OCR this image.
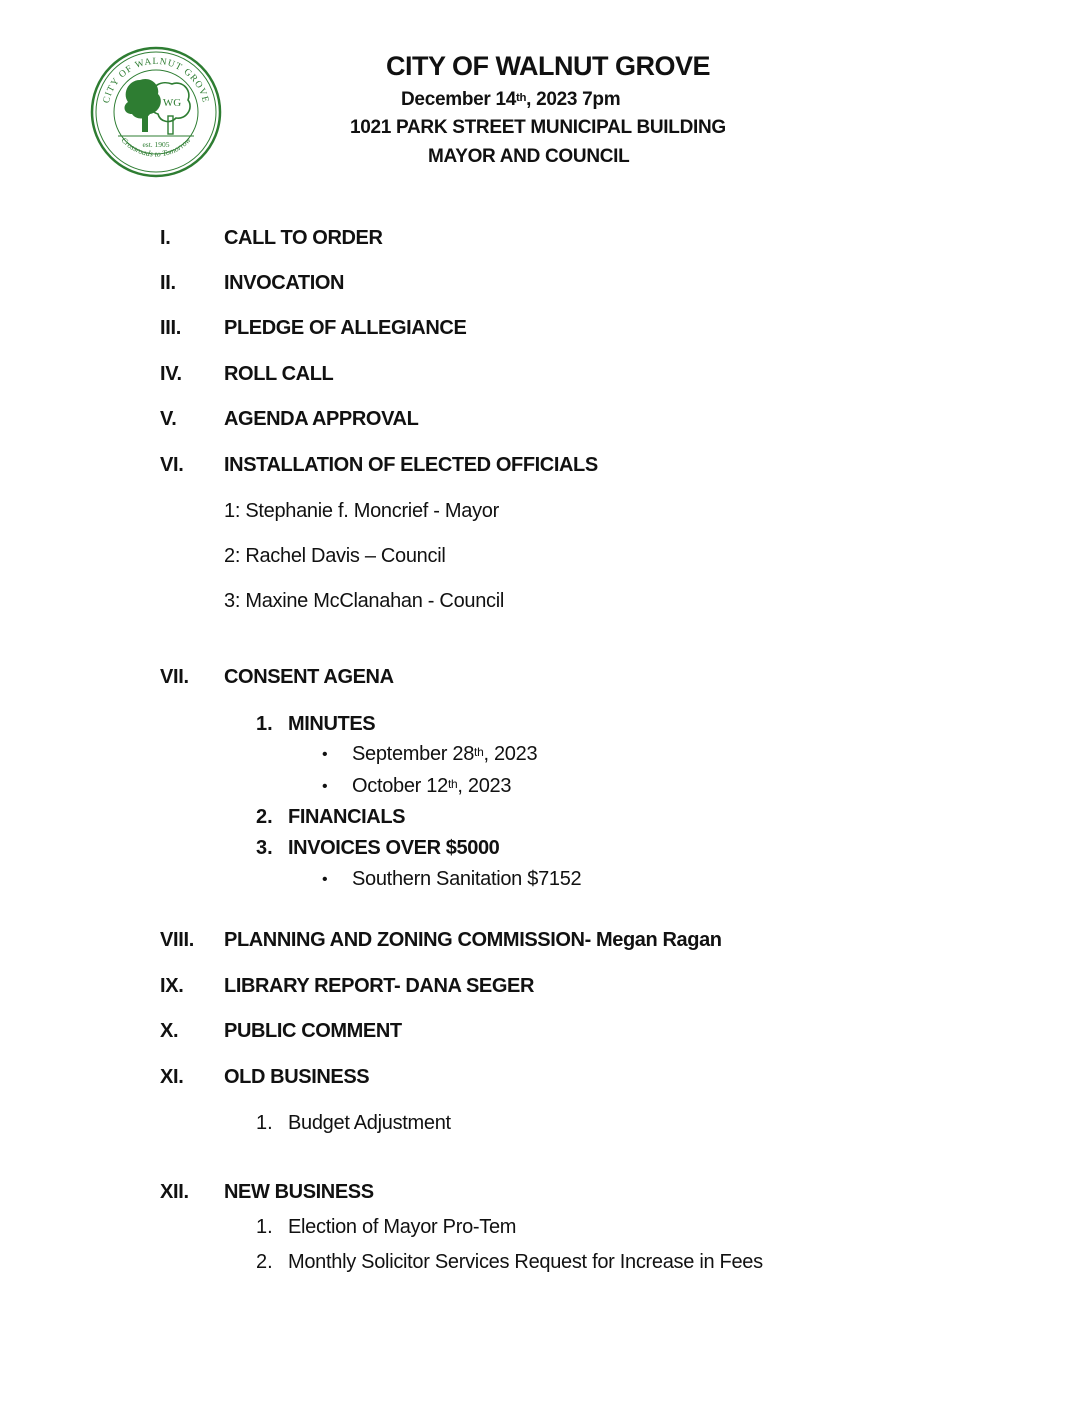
CITY OF WALNUT GROVE
Crossroads to Tomorrow
WG
est. 1905
CITY OF WALNUT GROVE
December 14th, 2023 7pm
1021 PARK STREET MUNICIPAL BUILDING
MAYOR AND COUNCIL
I.	CALL TO ORDER
II. INVOCATION
III. PLEDGE OF ALLEGIANCE
IV. ROLL CALL
V. AGENDA APPROVAL
VI. INSTALLATION OF ELECTED OFFICIALS
1: Stephanie f. Moncrief - Mayor
2: Rachel Davis – Council
3: Maxine McClanahan - Council
VII. CONSENT AGENA
1. MINUTES
• September 28th, 2023
• October 12th, 2023
2. FINANCIALS
3. INVOICES OVER $5000
• Southern Sanitation $7152
VIII. PLANNING AND ZONING COMMISSION- Megan Ragan
IX. LIBRARY REPORT- DANA SEGER
X. PUBLIC COMMENT
XI. OLD BUSINESS
1. Budget Adjustment
XII. NEW BUSINESS
1. Election of Mayor Pro-Tem
2. Monthly Solicitor Services Request for Increase in Fees
